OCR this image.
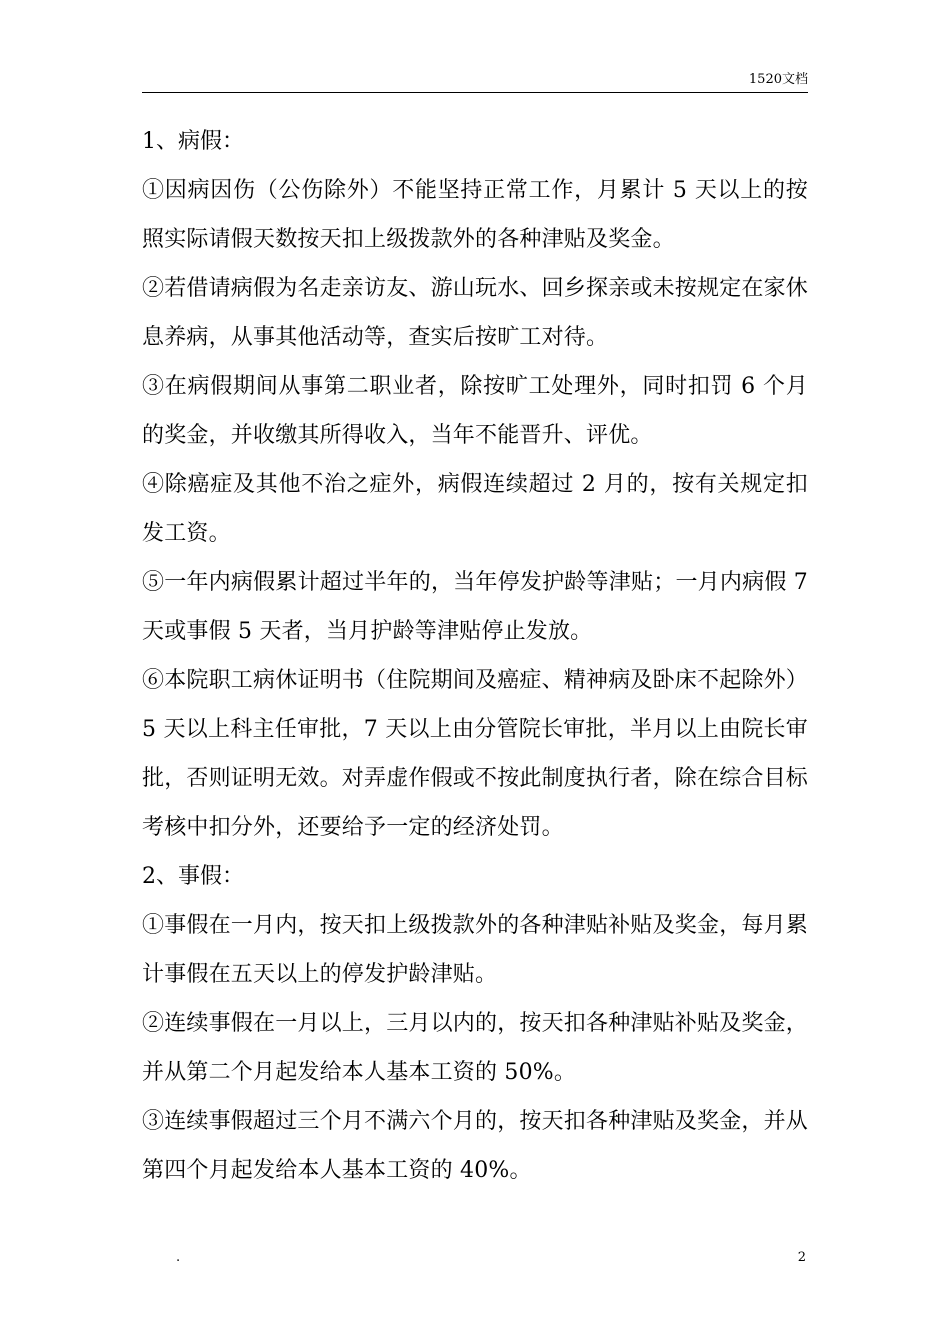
1520文档

1、病假：

①因病因伤（公伤除外）不能坚持正常工作，月累计 5 天以上的按照实际请假天数按天扣上级拨款外的各种津贴及奖金。

②若借请病假为名走亲访友、游山玩水、回乡探亲或未按规定在家休息养病，从事其他活动等，查实后按旷工对待。

③在病假期间从事第二职业者，除按旷工处理外，同时扣罚 6 个月的奖金，并收缴其所得收入，当年不能晋升、评优。

④除癌症及其他不治之症外，病假连续超过 2 月的，按有关规定扣发工资。

⑤一年内病假累计超过半年的，当年停发护龄等津贴；一月内病假 7 天或事假 5 天者，当月护龄等津贴停止发放。

⑥本院职工病休证明书（住院期间及癌症、精神病及卧床不起除外）5 天以上科主任审批，7 天以上由分管院长审批，半月以上由院长审批，否则证明无效。对弄虚作假或不按此制度执行者，除在综合目标考核中扣分外，还要给予一定的经济处罚。

2、事假：

①事假在一月内，按天扣上级拨款外的各种津贴补贴及奖金，每月累计事假在五天以上的停发护龄津贴。

②连续事假在一月以上，三月以内的，按天扣各种津贴补贴及奖金，并从第二个月起发给本人基本工资的 50%。

③连续事假超过三个月不满六个月的，按天扣各种津贴及奖金，并从第四个月起发给本人基本工资的 40%。

.	2
